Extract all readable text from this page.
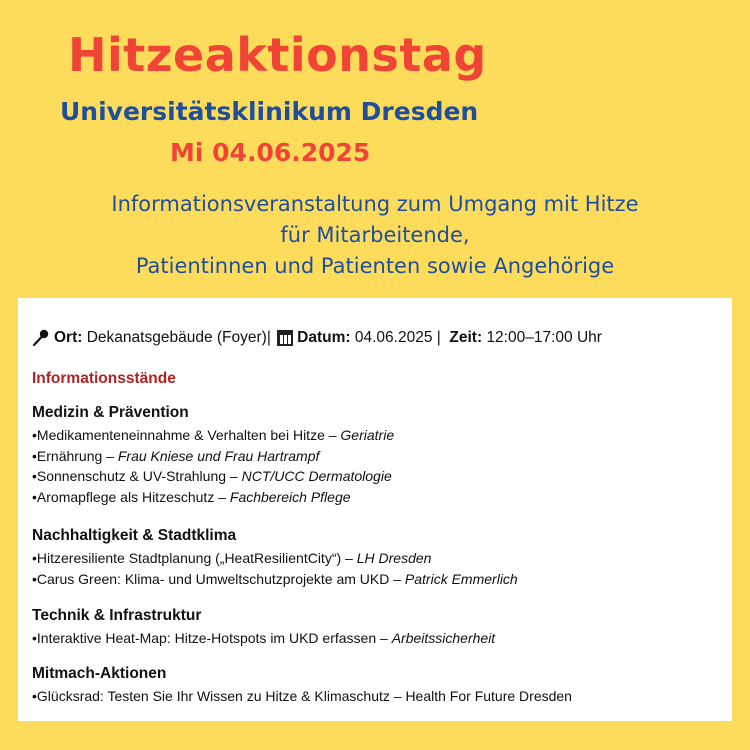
Hitzeaktionstag
Universitätsklinikum Dresden
Mi 04.06.2025
Informationsveranstaltung zum Umgang mit Hitze
für Mitarbeitende,
Patientinnen und Patienten sowie Angehörige
Ort:
Dekanatsgebäude (Foyer) |
Datum:
04.06.2025
|
Zeit:
12:00–17:00 Uhr
Informationsstände
Medizin & Prävention
•Medikamenteneinnahme & Verhalten bei Hitze – Geriatrie
•Ernährung – Frau Kniese und Frau Hartrampf
•Sonnenschutz & UV-Strahlung – NCT/UCC Dermatologie
•Aromapflege als Hitzeschutz – Fachbereich Pflege
Nachhaltigkeit & Stadtklima
•Hitzeresiliente Stadtplanung („HeatResilientCity“) – LH Dresden
•Carus Green: Klima- und Umweltschutzprojekte am UKD – Patrick Emmerlich
Technik & Infrastruktur
•Interaktive Heat-Map: Hitze-Hotspots im UKD erfassen – Arbeitssicherheit
Mitmach-Aktionen
•Glücksrad: Testen Sie Ihr Wissen zu Hitze & Klimaschutz – Health For Future Dresden
